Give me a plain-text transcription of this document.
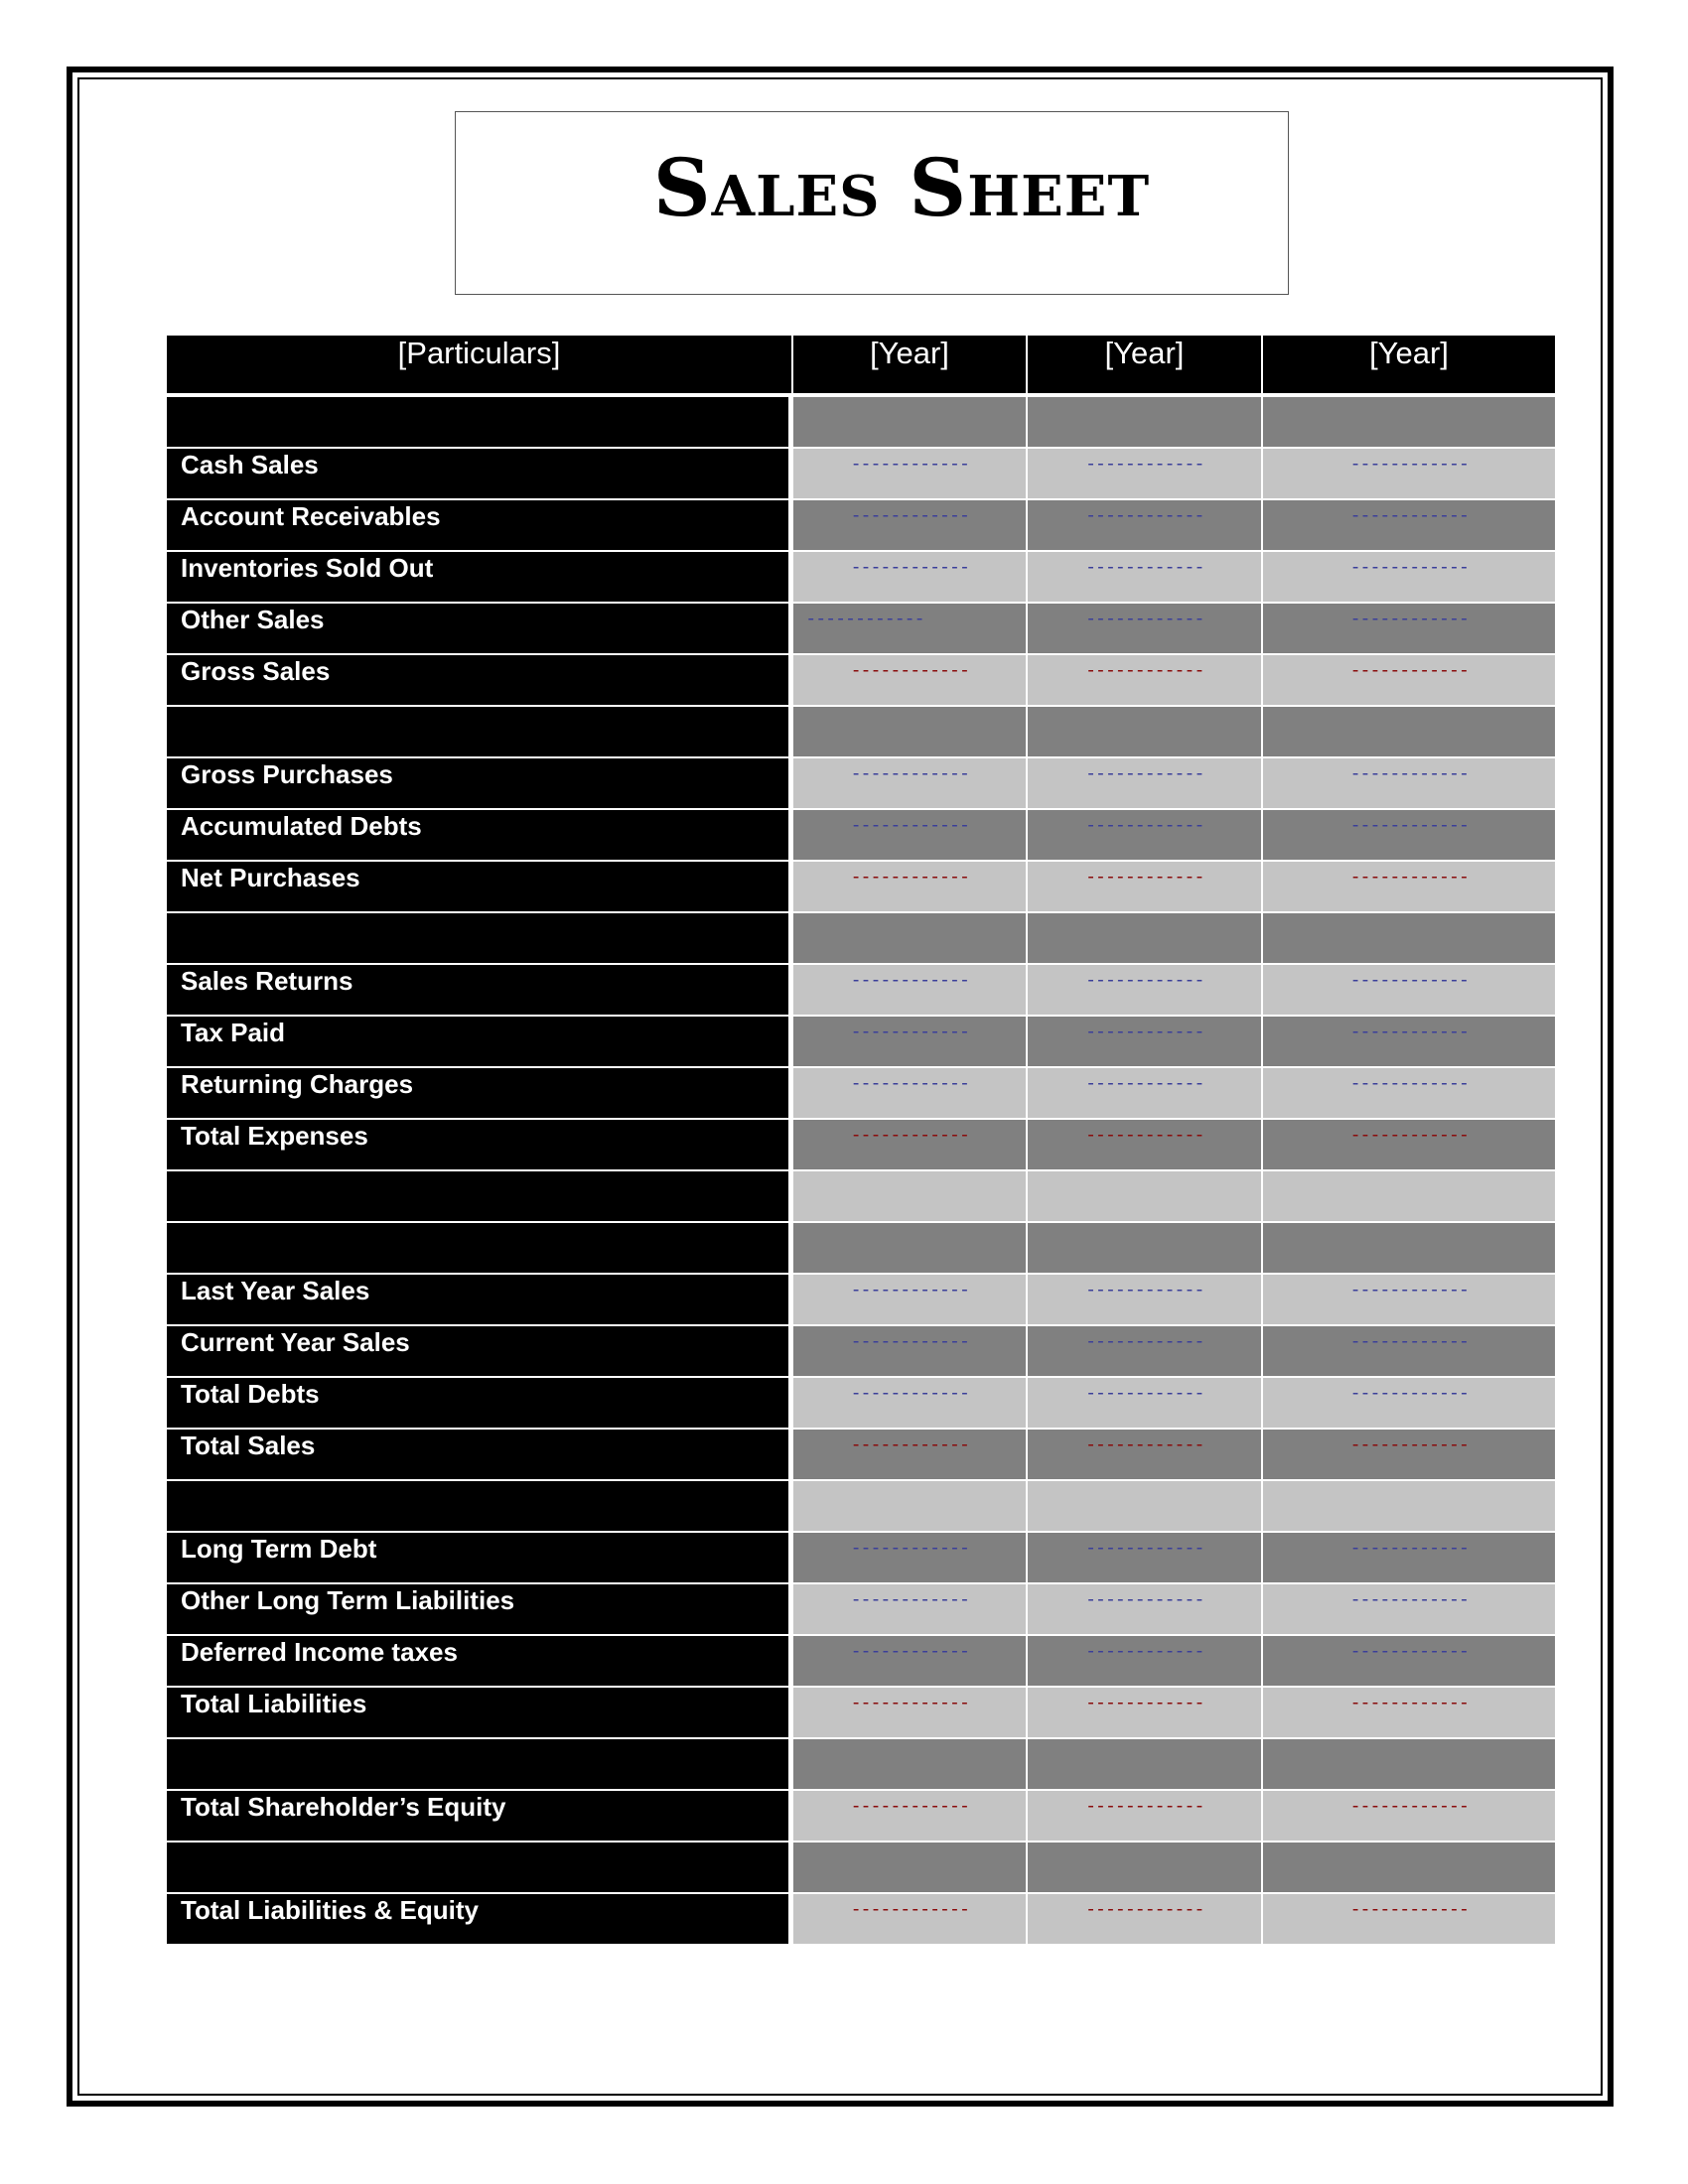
Sales Sheet
[Particulars]	[Year]	[Year]	[Year]

Cash Sales	------------	------------	------------
Account Receivables	------------	------------	------------
Inventories Sold Out	------------	------------	------------
Other Sales	------------	------------	------------
Gross Sales	------------	------------	------------

Gross Purchases	------------	------------	------------
Accumulated Debts	------------	------------	------------
Net Purchases	------------	------------	------------

Sales Returns	------------	------------	------------
Tax Paid	------------	------------	------------
Returning Charges	------------	------------	------------
Total Expenses	------------	------------	------------

Last Year Sales	------------	------------	------------
Current Year Sales	------------	------------	------------
Total Debts	------------	------------	------------
Total Sales	------------	------------	------------

Long Term Debt	------------	------------	------------
Other Long Term Liabilities	------------	------------	------------
Deferred Income taxes	------------	------------	------------
Total Liabilities	------------	------------	------------

Total Shareholder’s Equity	------------	------------	------------

Total Liabilities & Equity	------------	------------	------------
